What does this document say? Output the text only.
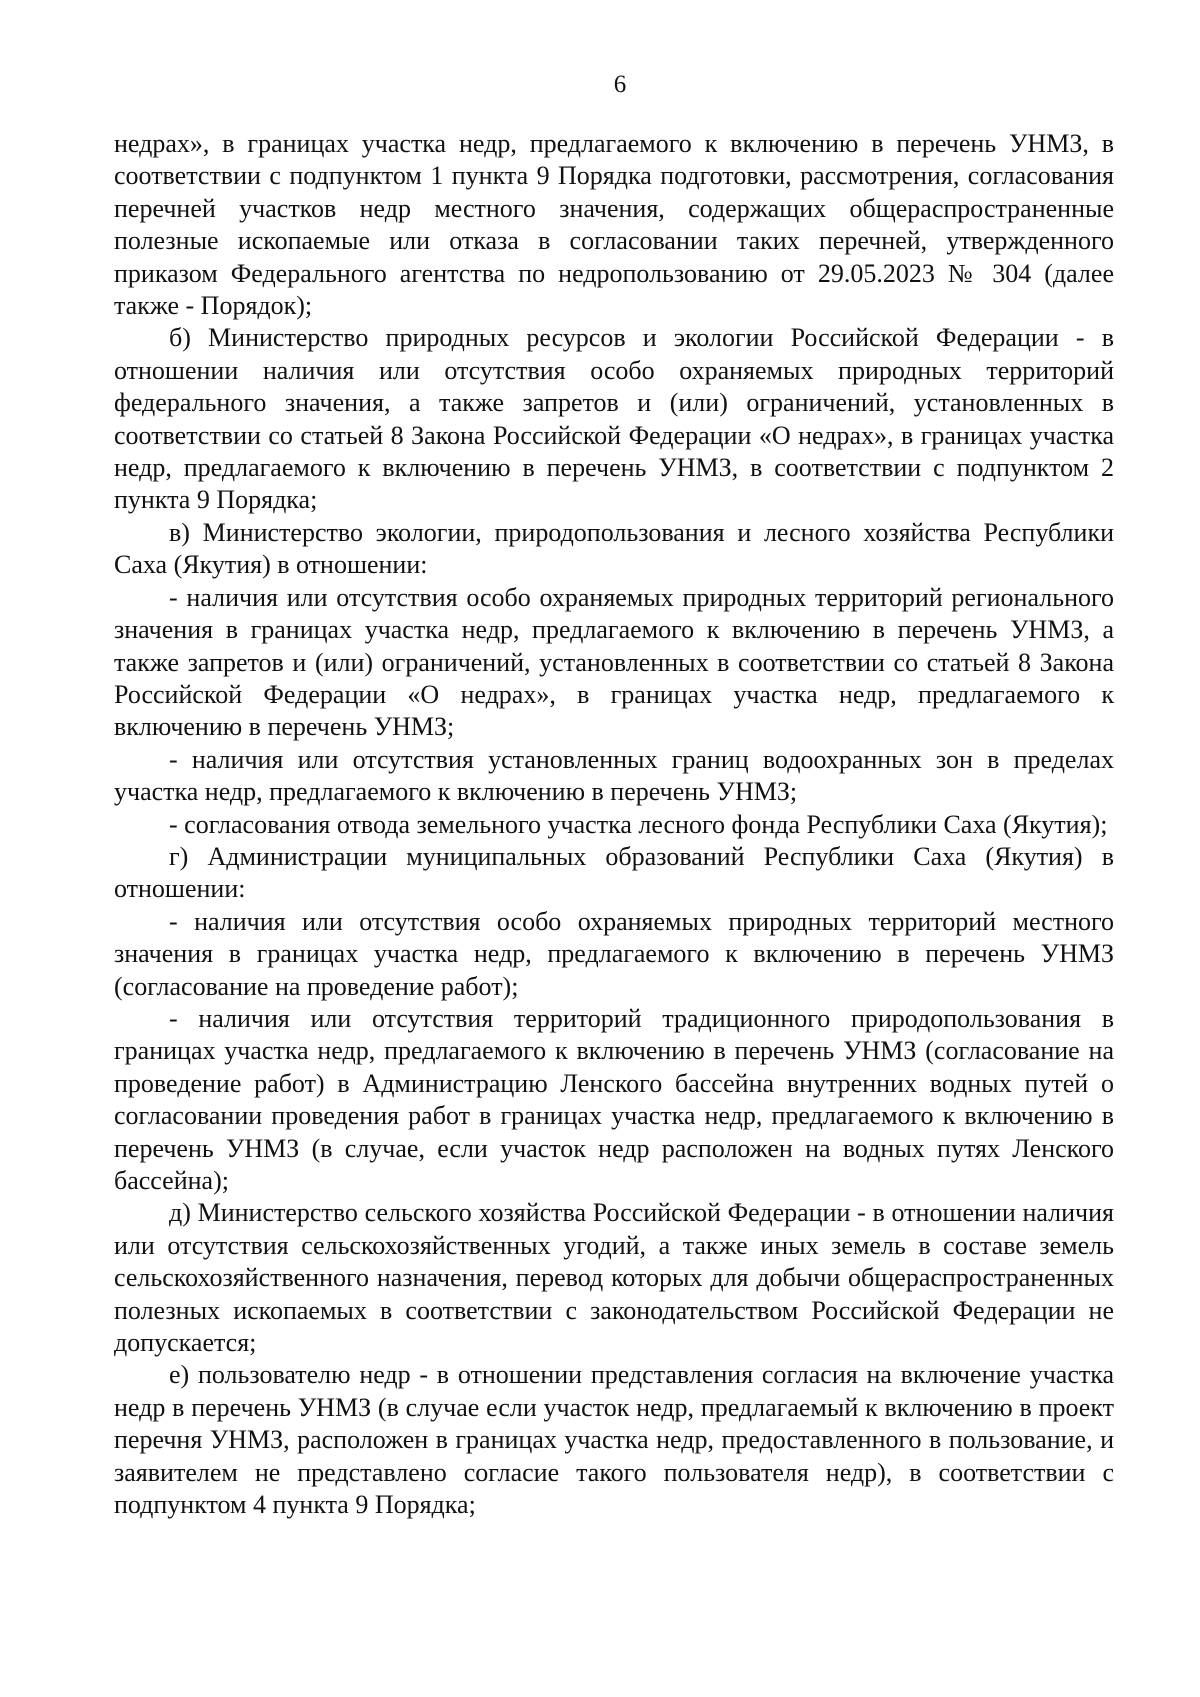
6

недрах», в границах участка недр, предлагаемого к включению в перечень УНМЗ, в соответствии с подпунктом 1 пункта 9 Порядка подготовки, рассмотрения, согласования перечней участков недр местного значения, содержащих общераспространенные полезные ископаемые или отказа в согласовании таких перечней, утвержденного приказом Федерального агентства по недропользованию от 29.05.2023 № 304 (далее также - Порядок);

б) Министерство природных ресурсов и экологии Российской Федерации - в отношении наличия или отсутствия особо охраняемых природных территорий федерального значения, а также запретов и (или) ограничений, установленных в соответствии со статьей 8 Закона Российской Федерации «О недрах», в границах участка недр, предлагаемого к включению в перечень УНМЗ, в соответствии с подпунктом 2 пункта 9 Порядка;

в) Министерство экологии, природопользования и лесного хозяйства Республики Саха (Якутия) в отношении:

- наличия или отсутствия особо охраняемых природных территорий регионального значения в границах участка недр, предлагаемого к включению в перечень УНМЗ, а также запретов и (или) ограничений, установленных в соответствии со статьей 8 Закона Российской Федерации «О недрах», в границах участка недр, предлагаемого к включению в перечень УНМЗ;

- наличия или отсутствия установленных границ водоохранных зон в пределах участка недр, предлагаемого к включению в перечень УНМЗ;

- согласования отвода земельного участка лесного фонда Республики Саха (Якутия);

г) Администрации муниципальных образований Республики Саха (Якутия) в отношении:

- наличия или отсутствия особо охраняемых природных территорий местного значения в границах участка недр, предлагаемого к включению в перечень УНМЗ (согласование на проведение работ);

- наличия или отсутствия территорий традиционного природопользования в границах участка недр, предлагаемого к включению в перечень УНМЗ (согласование на проведение работ) в Администрацию Ленского бассейна внутренних водных путей о согласовании проведения работ в границах участка недр, предлагаемого к включению в перечень УНМЗ (в случае, если участок недр расположен на водных путях Ленского бассейна);

д) Министерство сельского хозяйства Российской Федерации - в отношении наличия или отсутствия сельскохозяйственных угодий, а также иных земель в составе земель сельскохозяйственного назначения, перевод которых для добычи общераспространенных полезных ископаемых в соответствии с законодательством Российской Федерации не допускается;

е) пользователю недр - в отношении представления согласия на включение участка недр в перечень УНМЗ (в случае если участок недр, предлагаемый к включению в проект перечня УНМЗ, расположен в границах участка недр, предоставленного в пользование, и заявителем не представлено согласие такого пользователя недр), в соответствии с подпунктом 4 пункта 9 Порядка;
